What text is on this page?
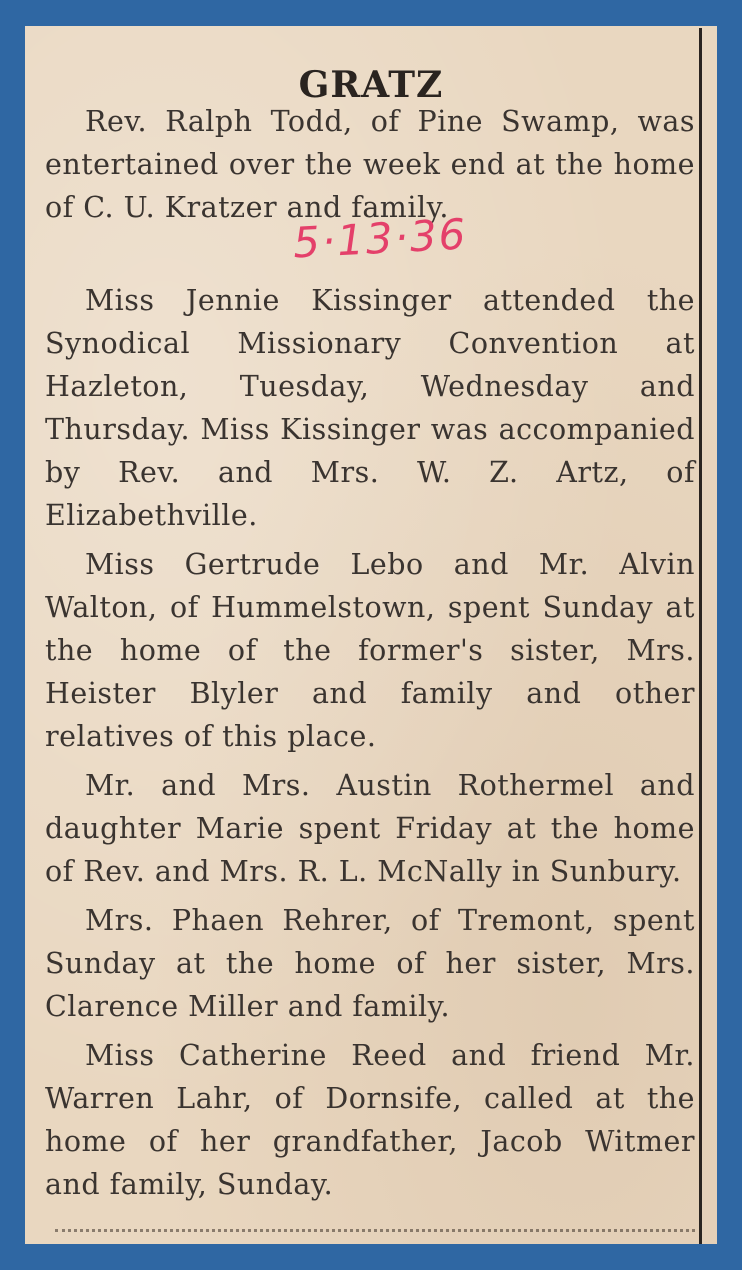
GRATZ

Rev. Ralph Todd, of Pine Swamp, was entertained over the week end at the home of C. U. Kratzer and family.

Miss Jennie Kissinger attended the Synodical Missionary Convention at Hazleton, Tuesday, Wednesday and Thursday. Miss Kissinger was accompanied by Rev. and Mrs. W. Z. Artz, of Elizabethville.

Miss Gertrude Lebo and Mr. Alvin Walton, of Hummelstown, spent Sunday at the home of the former's sister, Mrs. Heister Blyler and family and other relatives of this place.

Mr. and Mrs. Austin Rothermel and daughter Marie spent Friday at the home of Rev. and Mrs. R. L. McNally in Sunbury.

Mrs. Phaen Rehrer, of Tremont, spent Sunday at the home of her sister, Mrs. Clarence Miller and family.

Miss Catherine Reed and friend Mr. Warren Lahr, of Dornsife, called at the home of her grandfather, Jacob Witmer and family, Sunday.

5·13·36
